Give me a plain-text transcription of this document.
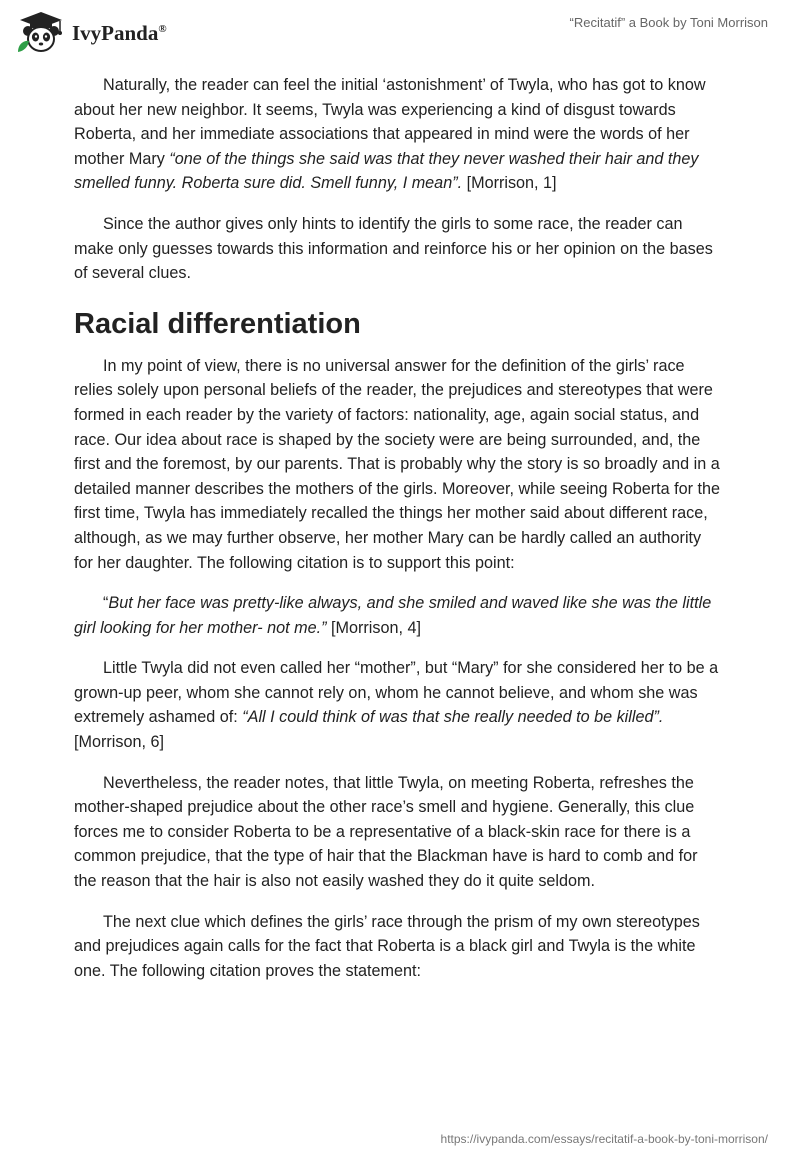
IvyPanda®	“Recitatif” a Book by Toni Morrison

Naturally, the reader can feel the initial ‘astonishment’ of Twyla, who has got to know about her new neighbor. It seems, Twyla was experiencing a kind of disgust towards Roberta, and her immediate associations that appeared in mind were the words of her mother Mary “one of the things she said was that they never washed their hair and they smelled funny. Roberta sure did. Smell funny, I mean”. [Morrison, 1]

Since the author gives only hints to identify the girls to some race, the reader can make only guesses towards this information and reinforce his or her opinion on the bases of several clues.

Racial differentiation

In my point of view, there is no universal answer for the definition of the girls’ race relies solely upon personal beliefs of the reader, the prejudices and stereotypes that were formed in each reader by the variety of factors: nationality, age, again social status, and race. Our idea about race is shaped by the society were are being surrounded, and, the first and the foremost, by our parents. That is probably why the story is so broadly and in a detailed manner describes the mothers of the girls. Moreover, while seeing Roberta for the first time, Twyla has immediately recalled the things her mother said about different race, although, as we may further observe, her mother Mary can be hardly called an authority for her daughter. The following citation is to support this point:

“But her face was pretty-like always, and she smiled and waved like she was the little girl looking for her mother- not me.” [Morrison, 4]

Little Twyla did not even called her “mother”, but “Mary” for she considered her to be a grown-up peer, whom she cannot rely on, whom he cannot believe, and whom she was extremely ashamed of: “All I could think of was that she really needed to be killed”. [Morrison, 6]

Nevertheless, the reader notes, that little Twyla, on meeting Roberta, refreshes the mother-shaped prejudice about the other race’s smell and hygiene. Generally, this clue forces me to consider Roberta to be a representative of a black-skin race for there is a common prejudice, that the type of hair that the Blackman have is hard to comb and for the reason that the hair is also not easily washed they do it quite seldom.

The next clue which defines the girls’ race through the prism of my own stereotypes and prejudices again calls for the fact that Roberta is a black girl and Twyla is the white one. The following citation proves the statement:

https://ivypanda.com/essays/recitatif-a-book-by-toni-morrison/
